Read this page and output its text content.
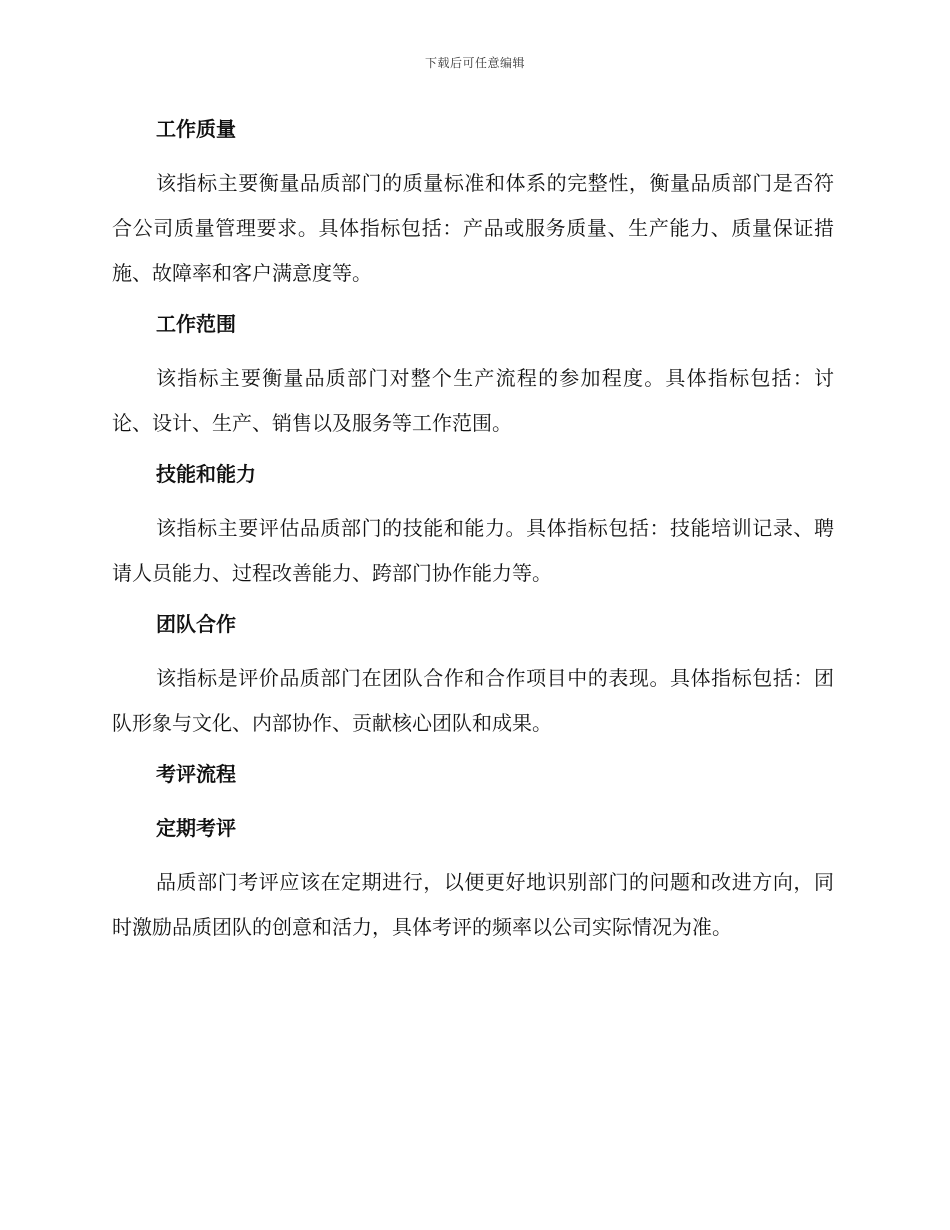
下载后可任意编辑
工作质量

该指标主要衡量品质部门的质量标准和体系的完整性，衡量品质部门是否符合公司质量管理要求。具体指标包括：产品或服务质量、生产能力、质量保证措施、故障率和客户满意度等。

工作范围

该指标主要衡量品质部门对整个生产流程的参加程度。具体指标包括：讨论、设计、生产、销售以及服务等工作范围。

技能和能力

该指标主要评估品质部门的技能和能力。具体指标包括：技能培训记录、聘请人员能力、过程改善能力、跨部门协作能力等。

团队合作

该指标是评价品质部门在团队合作和合作项目中的表现。具体指标包括：团队形象与文化、内部协作、贡献核心团队和成果。

考评流程
定期考评

品质部门考评应该在定期进行，以便更好地识别部门的问题和改进方向，同时激励品质团队的创意和活力，具体考评的频率以公司实际情况为准。
